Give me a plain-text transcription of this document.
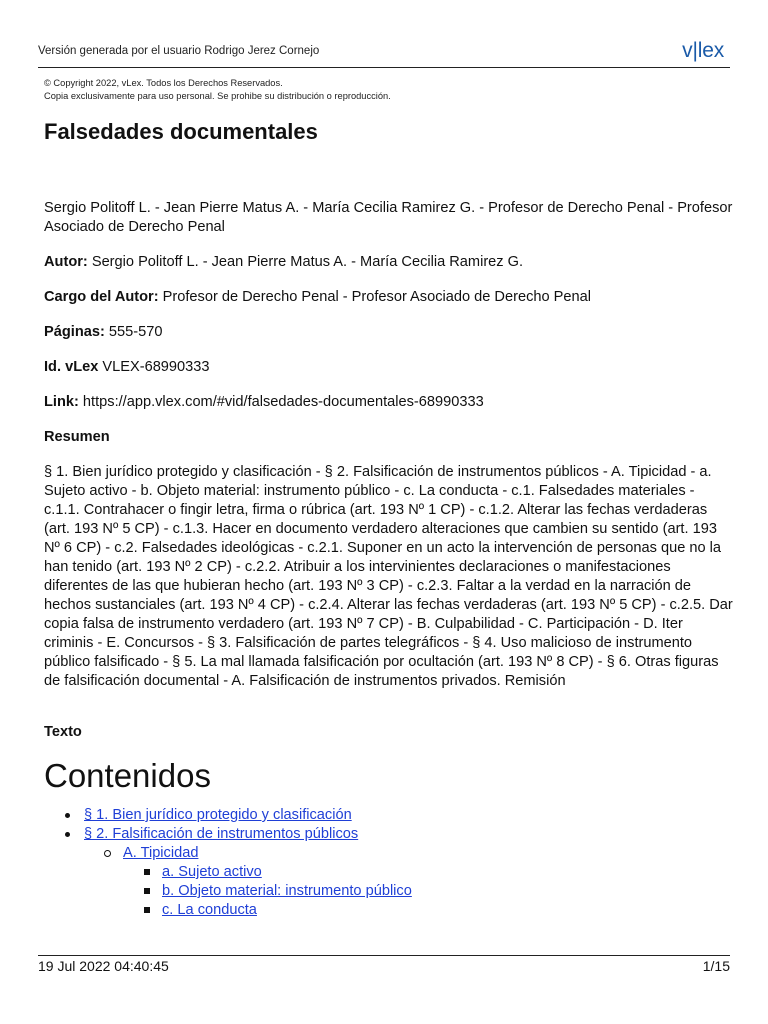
Versión generada por el usuario Rodrigo Jerez Cornejo	v|lex
© Copyright 2022, vLex. Todos los Derechos Reservados.
Copia exclusivamente para uso personal. Se prohibe su distribución o reproducción.
Falsedades documentales

Sergio Politoff L. - Jean Pierre Matus A. - María Cecilia Ramirez G. - Profesor de Derecho Penal - Profesor Asociado de Derecho Penal

Autor: Sergio Politoff L. - Jean Pierre Matus A. - María Cecilia Ramirez G.

Cargo del Autor: Profesor de Derecho Penal - Profesor Asociado de Derecho Penal

Páginas: 555-570

Id. vLex VLEX-68990333

Link: https://app.vlex.com/#vid/falsedades-documentales-68990333

Resumen

§ 1. Bien jurídico protegido y clasificación - § 2. Falsificación de instrumentos públicos - A. Tipicidad - a. Sujeto activo - b. Objeto material: instrumento público - c. La conducta - c.1. Falsedades materiales - c.1.1. Contrahacer o fingir letra, firma o rúbrica (art. 193 Nº 1 CP) - c.1.2. Alterar las fechas verdaderas (art. 193 Nº 5 CP) - c.1.3. Hacer en documento verdadero alteraciones que cambien su sentido (art. 193 Nº 6 CP) - c.2. Falsedades ideológicas - c.2.1. Suponer en un acto la intervención de personas que no la han tenido (art. 193 Nº 2 CP) - c.2.2. Atribuir a los intervinientes declaraciones o manifestaciones diferentes de las que hubieran hecho (art. 193 Nº 3 CP) - c.2.3. Faltar a la verdad en la narración de hechos sustanciales (art. 193 Nº 4 CP) - c.2.4. Alterar las fechas verdaderas (art. 193 Nº 5 CP) - c.2.5. Dar copia falsa de instrumento verdadero (art. 193 Nº 7 CP) - B. Culpabilidad - C. Participación - D. Iter criminis - E. Concursos - § 3. Falsificación de partes telegráficos - § 4. Uso malicioso de instrumento público falsificado - § 5. La mal llamada falsificación por ocultación (art. 193 Nº 8 CP) - § 6. Otras figuras de falsificación documental - A. Falsificación de instrumentos privados. Remisión

Texto

Contenidos
§ 1. Bien jurídico protegido y clasificación
§ 2. Falsificación de instrumentos públicos
A. Tipicidad
a. Sujeto activo
b. Objeto material: instrumento público
c. La conducta
19 Jul 2022 04:40:45	1/15
